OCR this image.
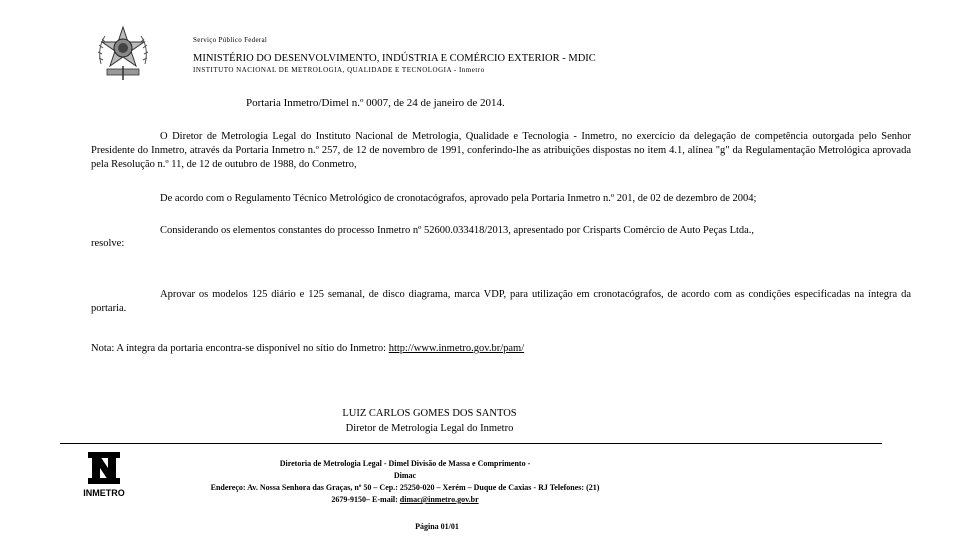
Serviço Público Federal
MINISTÉRIO DO DESENVOLVIMENTO, INDÚSTRIA E COMÉRCIO EXTERIOR - MDIC
INSTITUTO NACIONAL DE METROLOGIA, QUALIDADE E TECNOLOGIA - Inmetro
Portaria Inmetro/Dimel n.º 0007, de 24 de janeiro de 2014.
O Diretor de Metrologia Legal do Instituto Nacional de Metrologia, Qualidade e Tecnologia - Inmetro, no exercício da delegação de competência outorgada pelo Senhor Presidente do Inmetro, através da Portaria Inmetro n.º 257, de 12 de novembro de 1991, conferindo-lhe as atribuições dispostas no item 4.1, alínea "g" da Regulamentação Metrológica aprovada pela Resolução n.º 11, de 12 de outubro de 1988, do Conmetro,
De acordo com o Regulamento Técnico Metrológico de cronotacógrafos, aprovado pela Portaria Inmetro n.º 201, de 02 de dezembro de 2004;
Considerando os elementos constantes do processo Inmetro nº 52600.033418/2013, apresentado por Crisparts Comércio de Auto Peças Ltda.,
resolve:
Aprovar os modelos 125 diário e 125 semanal, de disco diagrama, marca VDP, para utilização em cronotacógrafos, de acordo com as condições especificadas na íntegra da portaria.
Nota: A íntegra da portaria encontra-se disponível no sítio do Inmetro: http://www.inmetro.gov.br/pam/
LUIZ CARLOS GOMES DOS SANTOS
Diretor de Metrologia Legal do Inmetro
INMETRO
Diretoria de Metrologia Legal - Dimel Divisão de Massa e Comprimento -
Dimac
Endereço: Av. Nossa Senhora das Graças, nº 50 – Cep.: 25250-020 – Xerém – Duque de Caxias - RJ Telefones: (21)
2679-9150– E-mail: dimac@inmetro.gov.br
Página 01/01
